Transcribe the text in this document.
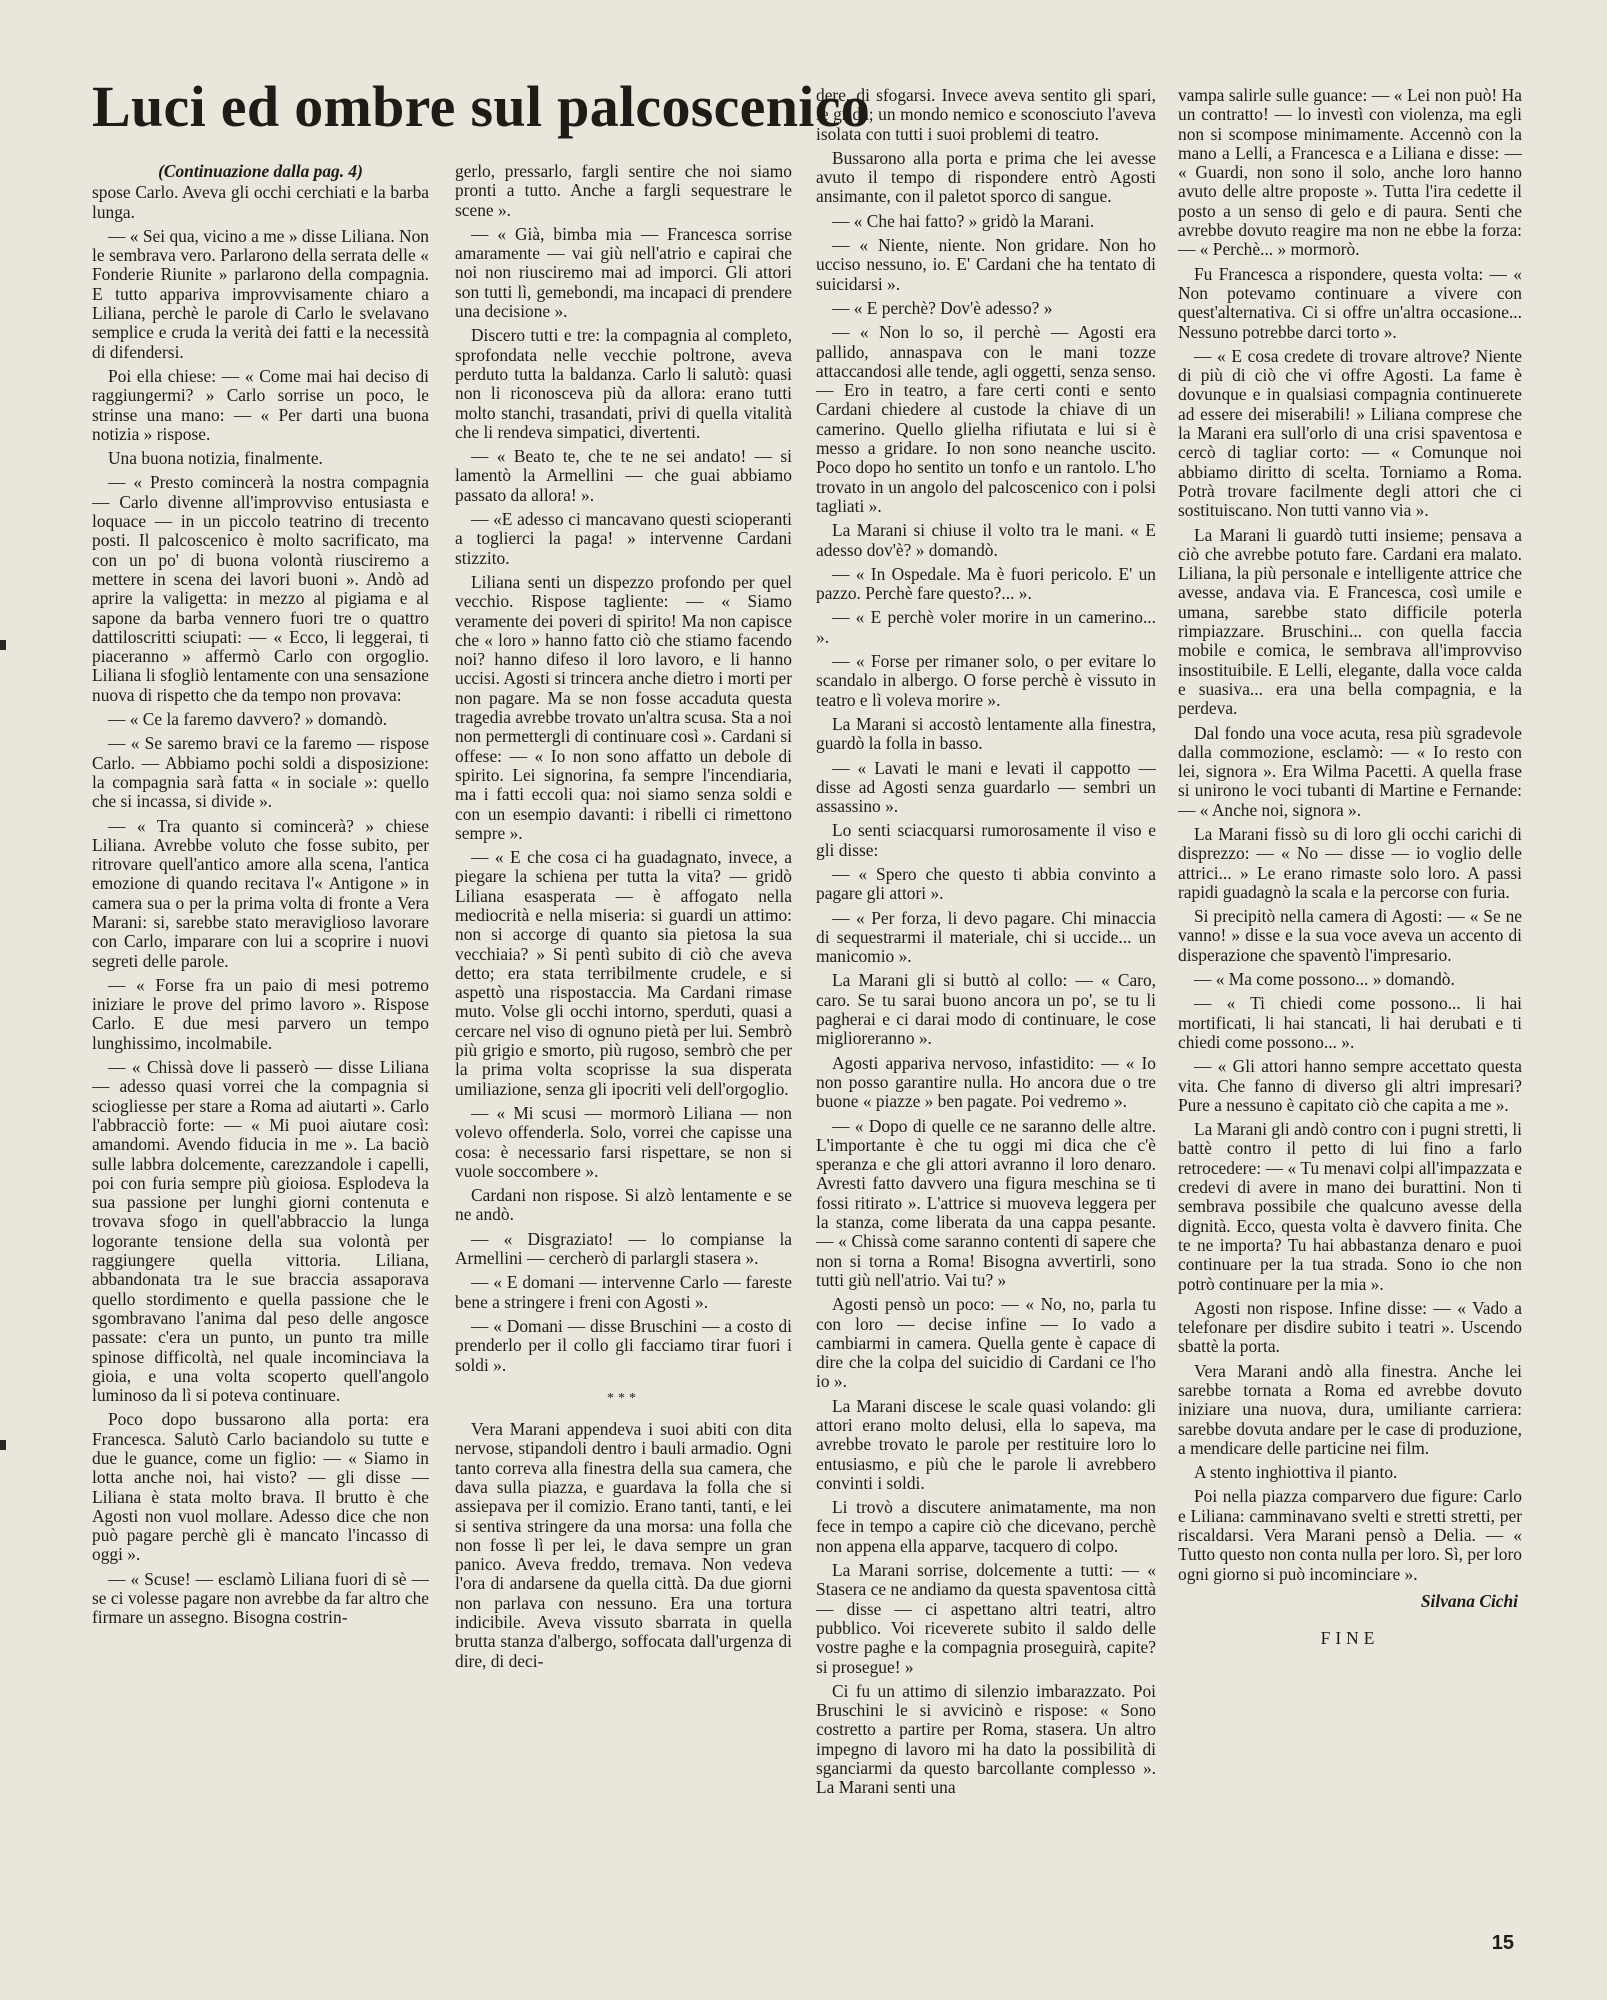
Luci ed ombre sul palcoscenico

(Continuazione dalla pag. 4)

spose Carlo. Aveva gli occhi cerchiati e la barba lunga.

— « Sei qua, vicino a me » disse Liliana. Non le sembrava vero. Parlarono della serrata delle « Fonderie Riunite » parlarono della compagnia. E tutto appariva improvvisamente chiaro a Liliana, perchè le parole di Carlo le svelavano semplice e cruda la verità dei fatti e la necessità di difendersi.

Poi ella chiese: — « Come mai hai deciso di raggiungermi? » Carlo sorrise un poco, le strinse una mano: — « Per darti una buona notizia » rispose.

Una buona notizia, finalmente.

— « Presto comincerà la nostra compagnia — Carlo divenne all'improvviso entusiasta e loquace — in un piccolo teatrino di trecento posti. Il palcoscenico è molto sacrificato, ma con un po' di buona volontà riusciremo a mettere in scena dei lavori buoni ». Andò ad aprire la valigetta: in mezzo al pigiama e al sapone da barba vennero fuori tre o quattro dattiloscritti sciupati: — « Ecco, li leggerai, ti piaceranno » affermò Carlo con orgoglio. Liliana li sfogliò lentamente con una sensazione nuova di rispetto che da tempo non provava:

— « Ce la faremo davvero? » domandò.

— « Se saremo bravi ce la faremo — rispose Carlo. — Abbiamo pochi soldi a disposizione: la compagnia sarà fatta « in sociale »: quello che si incassa, si divide ».

— « Tra quanto si comincerà? » chiese Liliana. Avrebbe voluto che fosse subito, per ritrovare quell'antico amore alla scena, l'antica emozione di quando recitava l'« Antigone » in camera sua o per la prima volta di fronte a Vera Marani: si, sarebbe stato meraviglioso lavorare con Carlo, imparare con lui a scoprire i nuovi segreti delle parole.

— « Forse fra un paio di mesi potremo iniziare le prove del primo lavoro ». Rispose Carlo. E due mesi parvero un tempo lunghissimo, incolmabile.

— « Chissà dove li passerò — disse Liliana — adesso quasi vorrei che la compagnia si sciogliesse per stare a Roma ad aiutarti ». Carlo l'abbracciò forte: — « Mi puoi aiutare così: amandomi. Avendo fiducia in me ». La baciò sulle labbra dolcemente, carezzandole i capelli, poi con furia sempre più gioiosa. Esplodeva la sua passione per lunghi giorni contenuta e trovava sfogo in quell'abbraccio la lunga logorante tensione della sua volontà per raggiungere quella vittoria. Liliana, abbandonata tra le sue braccia assaporava quello stordimento e quella passione che le sgombravano l'anima dal peso delle angosce passate: c'era un punto, un punto tra mille spinose difficoltà, nel quale incominciava la gioia, e una volta scoperto quell'angolo luminoso da lì si poteva continuare.

Poco dopo bussarono alla porta: era Francesca. Salutò Carlo baciandolo su tutte e due le guance, come un figlio: — « Siamo in lotta anche noi, hai visto? — gli disse — Liliana è stata molto brava. Il brutto è che Agosti non vuol mollare. Adesso dice che non può pagare perchè gli è mancato l'incasso di oggi ».

— « Scuse! — esclamò Liliana fuori di sè — se ci volesse pagare non avrebbe da far altro che firmare un assegno. Bisogna costrin-

gerlo, pressarlo, fargli sentire che noi siamo pronti a tutto. Anche a fargli sequestrare le scene ».

— « Già, bimba mia — Francesca sorrise amaramente — vai giù nell'atrio e capirai che noi non riusciremo mai ad imporci. Gli attori son tutti lì, gemebondi, ma incapaci di prendere una decisione ».

Discero tutti e tre: la compagnia al completo, sprofondata nelle vecchie poltrone, aveva perduto tutta la baldanza. Carlo li salutò: quasi non li riconosceva più da allora: erano tutti molto stanchi, trasandati, privi di quella vitalità che li rendeva simpatici, divertenti.

— « Beato te, che te ne sei andato! — si lamentò la Armellini — che guai abbiamo passato da allora! ».

— «E adesso ci mancavano questi scioperanti a toglierci la paga! » intervenne Cardani stizzito.

Liliana senti un dispezzo profondo per quel vecchio. Rispose taglientе: — « Siamo veramente dei poveri di spirito! Ma non capisce che « loro » hanno fatto ciò che stiamo facendo noi? hanno difeso il loro lavoro, e li hanno uccisi. Agosti si trincera anche dietro i morti per non pagare. Ma se non fosse accaduta questa tragedia avrebbe trovato un'altra scusa. Sta a noi non permettergli di continuare così ». Cardani si offese: — « Io non sono affatto un debole di spirito. Lei signorina, fa sempre l'incendiaria, ma i fatti eccoli qua: noi siamo senza soldi e con un esempio davanti: i ribelli ci rimettono sempre ».

— « E che cosa ci ha guadagnato, invece, a piegare la schiena per tutta la vita? — gridò Liliana esasperata — è affogato nella mediocrità e nella miseria: si guardi un attimo: non si accorge di quanto sia pietosa la sua vecchiaia? » Si pentì subito di ciò che aveva detto; era stata terribilmente crudele, e si aspettò una rispostaccia. Ma Cardani rimase muto. Volse gli occhi intorno, sperduti, quasi a cercare nel viso di ognuno pietà per lui. Sembrò più grigio e smorto, più rugoso, sembrò che per la prima volta scoprisse la sua disperata umiliazione, senza gli ipocriti veli dell'orgoglio.

— « Mi scusi — mormorò Liliana — non volevo offenderla. Solo, vorrei che capisse una cosa: è necessario farsi rispettare, se non si vuole soccombere ».

Cardani non rispose. Si alzò lentamente e se ne andò.

— « Disgraziato! — lo compianse la Armellini — cercherò di parlargli stasera ».

— « E domani — intervenne Carlo — fareste bene a stringere i freni con Agosti ».

— « Domani — disse Bruschini — a costo di prenderlo per il collo gli facciamo tirar fuori i soldi ».

***

Vera Marani appendeva i suoi abiti con dita nervose, stipandoli dentro i bauli armadio. Ogni tanto correva alla finestra della sua camera, che dava sulla piazza, e guardava la folla che si assiepava per il comizio. Erano tanti, tanti, e lei si sentiva stringere da una morsa: una folla che non fosse lì per lei, le dava sempre un gran panico. Aveva freddo, tremava. Non vedeva l'ora di andarsene da quella città. Da due giorni non parlava con nessuno. Era una tortura indicibile. Aveva vissuto sbarrata in quella brutta stanza d'albergo, soffocata dall'urgenza di dire, di deci-

dere, di sfogarsi. Invece aveva sentito gli spari, le grida; un mondo nemico e sconosciuto l'aveva isolata con tutti i suoi problemi di teatro.

Bussarono alla porta e prima che lei avesse avuto il tempo di rispondere entrò Agosti ansimante, con il paletot sporco di sangue.

— « Che hai fatto? » gridò la Marani.

— « Niente, niente. Non gridare. Non ho ucciso nessuno, io. E' Cardani che ha tentato di suicidarsi ».

— « E perchè? Dov'è adesso? »

— « Non lo so, il perchè — Agosti era pallido, annaspava con le mani tozze attaccandosi alle tende, agli oggetti, senza senso. — Ero in teatro, a fare certi conti e sento Cardani chiedere al custode la chiave di un camerino. Quello glielha rifiutata e lui si è messo a gridare. Io non sono neanche uscito. Poco dopo ho sentito un tonfo e un rantolo. L'ho trovato in un angolo del palcoscenico con i polsi tagliati ».

La Marani si chiuse il volto tra le mani. « E adesso dov'è? » domandò.

— « In Ospedale. Ma è fuori pericolo. E' un pazzo. Perchè fare questo?... ».

— « E perchè voler morire in un camerino... ».

— « Forse per rimaner solo, o per evitare lo scandalo in albergo. O forse perchè è vissuto in teatro e lì voleva morire ».

La Marani si accostò lentamente alla finestra, guardò la folla in basso.

— « Lavati le mani e levati il cappotto — disse ad Agosti senza guardarlo — sembri un assassino ».

Lo senti sciacquarsi rumorosamente il viso e gli disse:

— « Spero che questo ti abbia convinto a pagare gli attori ».

— « Per forza, li devo pagare. Chi minaccia di sequestrarmi il materiale, chi si uccide... un manicomio ».

La Marani gli si buttò al collo: — « Caro, caro. Se tu sarai buono ancora un po', se tu li pagherai e ci darai modo di continuare, le cose miglioreranno ».

Agosti appariva nervoso, infastidito: — « Io non posso garantire nulla. Ho ancora due o tre buone « piazze » ben pagate. Poi vedremo ».

— « Dopo di quelle ce ne saranno delle altre. L'importante è che tu oggi mi dica che c'è speranza e che gli attori avranno il loro denaro. Avresti fatto davvero una figura meschina se ti fossi ritirato ». L'attrice si muoveva leggera per la stanza, come liberata da una cappa pesante. — « Chissà come saranno contenti di sapere che non si torna a Roma! Bisogna avvertirli, sono tutti giù nell'atrio. Vai tu? »

Agosti pensò un poco: — « No, no, parla tu con loro — decise infine — Io vado a cambiarmi in camera. Quella gente è capace di dire che la colpa del suicidio di Cardani ce l'ho io ».

La Marani discese le scale quasi volando: gli attori erano molto delusi, ella lo sapeva, ma avrebbe trovato le parole per restituire loro lo entusiasmo, e più che le parole li avrebbero convinti i soldi.

Li trovò a discutere animatamente, ma non fece in tempo a capire ciò che dicevano, perchè non appena ella apparve, tacquero di colpo.

La Marani sorrise, dolcemente a tutti: — « Stasera ce ne andiamo da questa spaventosa città — disse — ci aspettano altri teatri, altro pubblico. Voi riceverete subito il saldo delle vostre paghe e la compagnia proseguirà, capite? si prosegue! »

Ci fu un attimo di silenzio imbarazzato. Poi Bruschini le si avvicinò e rispose: « Sono costretto a partire per Roma, stasera. Un altro impegno di lavoro mi ha dato la possibilità di sganciarmi da questo barcollante complesso ». La Marani senti una

vampa salirle sulle guance: — « Lei non può! Ha un contratto! — lo investì con violenza, ma egli non si scompose minimamente. Accennò con la mano a Lelli, a Francesca e a Liliana e disse: — « Guardi, non sono il solo, anche loro hanno avuto delle altre proposte ». Tutta l'ira cedette il posto a un senso di gelo e di paura. Senti che avrebbe dovuto reagire ma non ne ebbe la forza: — « Perchè... » mormorò.

Fu Francesca a rispondere, questa volta: — « Non potevamo continuare a vivere con quest'alternativa. Ci si offre un'altra occasione... Nessuno potrebbe darci torto ».

— « E cosa credete di trovare altrove? Niente di più di ciò che vi offre Agosti. La fame è dovunque e in qualsiasi compagnia continuerete ad essere dei miserabili! » Liliana comprese che la Marani era sull'orlo di una crisi spaventosa e cercò di tagliar corto: — « Comunque noi abbiamo diritto di scelta. Torniamo a Roma. Potrà trovare facilmente degli attori che ci sostituiscano. Non tutti vanno via ».

La Marani li guardò tutti insieme; pensava a ciò che avrebbe potuto fare. Cardani era malato. Liliana, la più personale e intelligente attrice che avesse, andava via. E Francesca, così umile e umana, sarebbe stato difficile poterla rimpiazzare. Bruschini... con quella faccia mobile e comica, le sembrava all'improvviso insostituibile. E Lelli, elegante, dalla voce calda e suasiva... era una bella compagnia, e la perdeva.

Dal fondo una voce acuta, resa più sgradevole dalla commozione, esclamò: — « Io resto con lei, signora ». Era Wilma Pacetti. A quella frase si unirono le voci tubanti di Martine e Fernande: — « Anche noi, signora ».

La Marani fissò su di loro gli occhi carichi di disprezzo: — « No — disse — io voglio delle attrici... » Le erano rimaste solo loro. A passi rapidi guadagnò la scala e la percorse con furia.

Si precipitò nella camera di Agosti: — « Se ne vanno! » disse e la sua voce aveva un accento di disperazione che spaventò l'impresario.

— « Ma come possono... » domandò.

— « Ti chiedi come possono... li hai mortificati, li hai stancati, li hai derubati e ti chiedi come possono... ».

— « Gli attori hanno sempre accettato questa vita. Che fanno di diverso gli altri impresari? Pure a nessuno è capitato ciò che capita a me ».

La Marani gli andò contro con i pugni stretti, li battè contro il petto di lui fino a farlo retrocedere: — « Tu menavi colpi all'impazzata e credevi di avere in mano dei burattini. Non ti sembrava possibile che qualcuno avesse della dignità. Ecco, questa volta è davvero finita. Che te ne importa? Tu hai abbastanza denaro e puoi continuare per la tua strada. Sono io che non potrò continuare per la mia ».

Agosti non rispose. Infine disse: — « Vado a telefonare per disdire subito i teatri ». Uscendo sbattè la porta.

Vera Marani andò alla finestra. Anche lei sarebbe tornata a Roma ed avrebbe dovuto iniziare una nuova, dura, umiliante carriera: sarebbe dovuta andare per le case di produzione, a mendicare delle particine nei film.

A stento inghiottiva il pianto.

Poi nella piazza comparvero due figure: Carlo e Liliana: camminavano svelti e stretti stretti, per riscaldarsi. Vera Marani pensò a Delia. — « Tutto questo non conta nulla per loro. Sì, per loro ogni giorno si può incominciare ».

Silvana Cichi

FINE

15
